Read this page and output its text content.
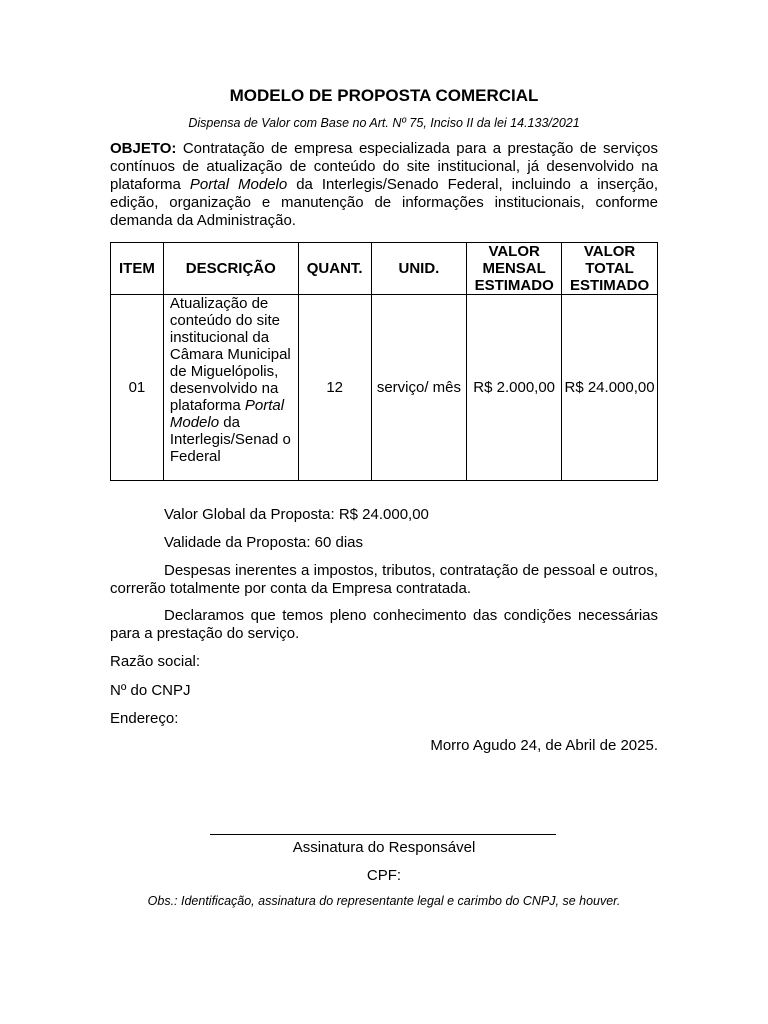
MODELO DE PROPOSTA COMERCIAL
Dispensa de Valor com Base no Art. Nº 75, Inciso II da lei 14.133/2021

OBJETO: Contratação de empresa especializada para a prestação de serviços contínuos de atualização de conteúdo do site institucional, já desenvolvido na plataforma Portal Modelo da Interlegis/Senado Federal, incluindo a inserção, edição, organização e manutenção de informações institucionais, conforme demanda da Administração.

ITEM	DESCRIÇÃO	QUANT.	UNID.	VALOR MENSAL ESTIMADO	VALOR TOTAL ESTIMADO
01	Atualização de conteúdo do site institucional da Câmara Municipal de Miguelópolis, desenvolvido na plataforma Portal Modelo da Interlegis/Senad o Federal	12	serviço/ mês	R$ 2.000,00	R$ 24.000,00

Valor Global da Proposta: R$ 24.000,00

Validade da Proposta: 60 dias

Despesas inerentes a impostos, tributos, contratação de pessoal e outros, correrão totalmente por conta da Empresa contratada.

Declaramos que temos pleno conhecimento das condições necessárias para a prestação do serviço.

Razão social:

Nº do CNPJ

Endereço:

Morro Agudo 24, de Abril de 2025.

Assinatura do Responsável

CPF:

Obs.: Identificação, assinatura do representante legal e carimbo do CNPJ, se houver.
